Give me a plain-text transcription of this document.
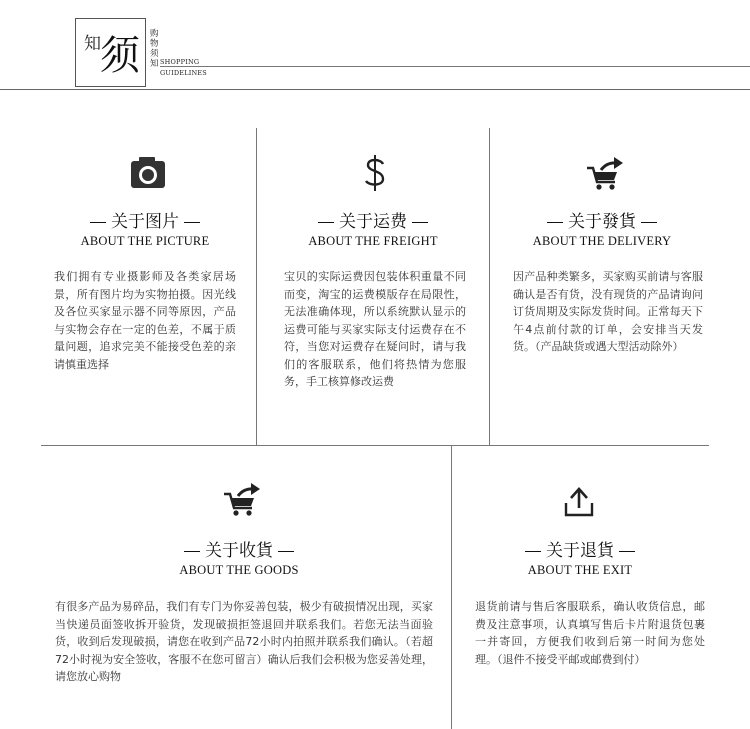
知 须 购物须知 SHOPPING
GUIDELINES
关于图片
ABOUT THE PICTURE
我们拥有专业摄影师及各类家居场景，所有图片均为实物拍摄。因光线及各位买家显示器不同等原因，产品与实物会存在一定的色差，不属于质量问题，追求完美不能接受色差的亲请慎重选择
关于运费
ABOUT THE FREIGHT
宝贝的实际运费因包装体积重量不同而变，淘宝的运费模版存在局限性，无法准确体现，所以系统默认显示的运费可能与买家实际支付运费存在不符，当您对运费存在疑问时，请与我们的客服联系，他们将热情为您服务，手工核算修改运费
关于發貨
ABOUT THE DELIVERY
因产品种类繁多，买家购买前请与客服确认是否有货，没有现货的产品请询问订货周期及实际发货时间。正常每天下午4点前付款的订单，会安排当天发货。（产品缺货或遇大型活动除外）
关于收貨
ABOUT THE GOODS
有很多产品为易碎品，我们有专门为你妥善包装，极少有破损情况出现，买家当快递员面签收拆开验货，发现破损拒签退回并联系我们。若您无法当面验货，收到后发现破损，请您在收到产品72小时内拍照并联系我们确认。（若超72小时视为安全签收，客服不在您可留言）确认后我们会积极为您妥善处理，请您放心购物
关于退貨
ABOUT THE EXIT
退货前请与售后客服联系，确认收货信息，邮费及注意事项，认真填写售后卡片附退货包裹一并寄回，方便我们收到后第一时间为您处理。（退件不接受平邮或邮费到付）
